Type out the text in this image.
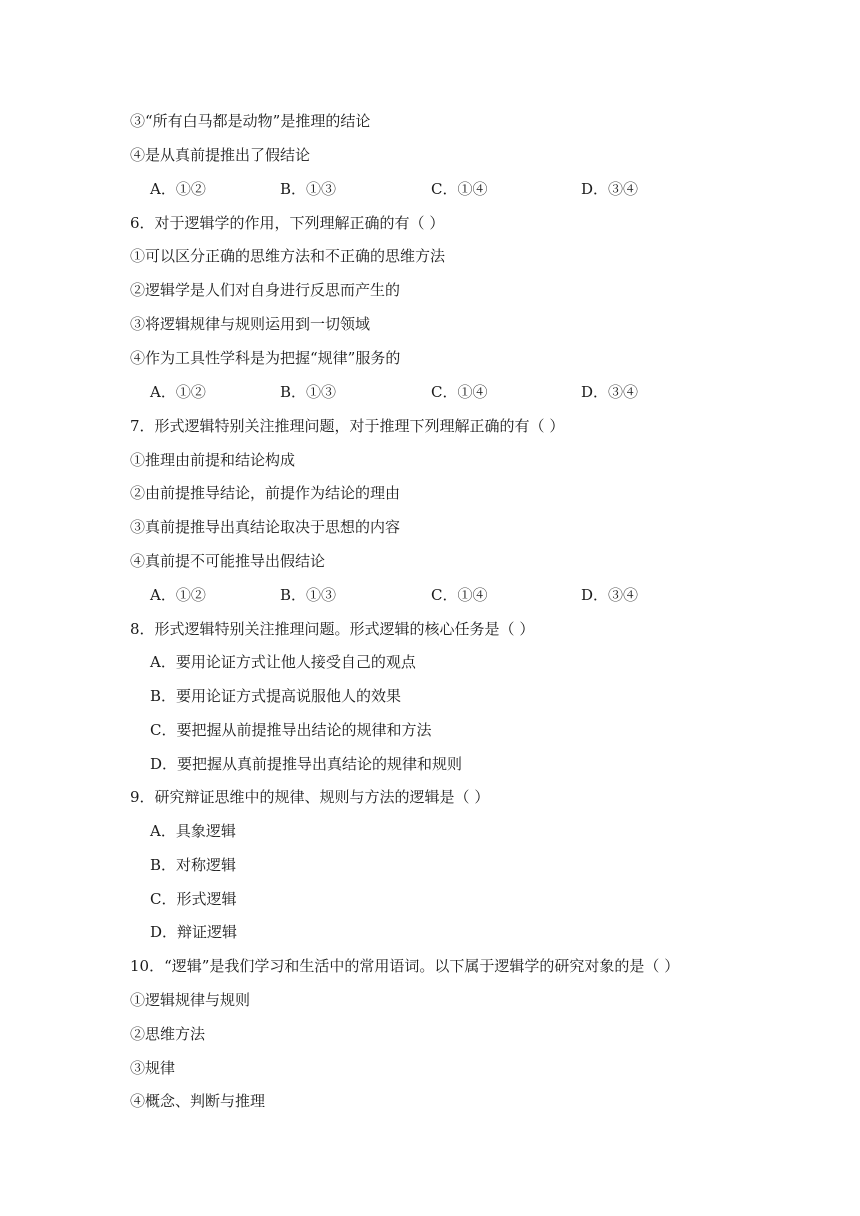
③“所有白马都是动物”是推理的结论
④是从真前提推出了假结论
A．①②	B．①③	C．①④	D．③④
6．对于逻辑学的作用，下列理解正确的有（ ）
①可以区分正确的思维方法和不正确的思维方法
②逻辑学是人们对自身进行反思而产生的
③将逻辑规律与规则运用到一切领域
④作为工具性学科是为把握“规律”服务的
A．①②	B．①③	C．①④	D．③④
7．形式逻辑特别关注推理问题，对于推理下列理解正确的有（ ）
①推理由前提和结论构成
②由前提推导结论，前提作为结论的理由
③真前提推导出真结论取决于思想的内容
④真前提不可能推导出假结论
A．①②	B．①③	C．①④	D．③④
8．形式逻辑特别关注推理问题。形式逻辑的核心任务是（ ）
A．要用论证方式让他人接受自己的观点
B．要用论证方式提高说服他人的效果
C．要把握从前提推导出结论的规律和方法
D．要把握从真前提推导出真结论的规律和规则
9．研究辩证思维中的规律、规则与方法的逻辑是（ ）
A．具象逻辑
B．对称逻辑
C．形式逻辑
D．辩证逻辑
10．“逻辑”是我们学习和生活中的常用语词。以下属于逻辑学的研究对象的是（ ）
①逻辑规律与规则
②思维方法
③规律
④概念、判断与推理
